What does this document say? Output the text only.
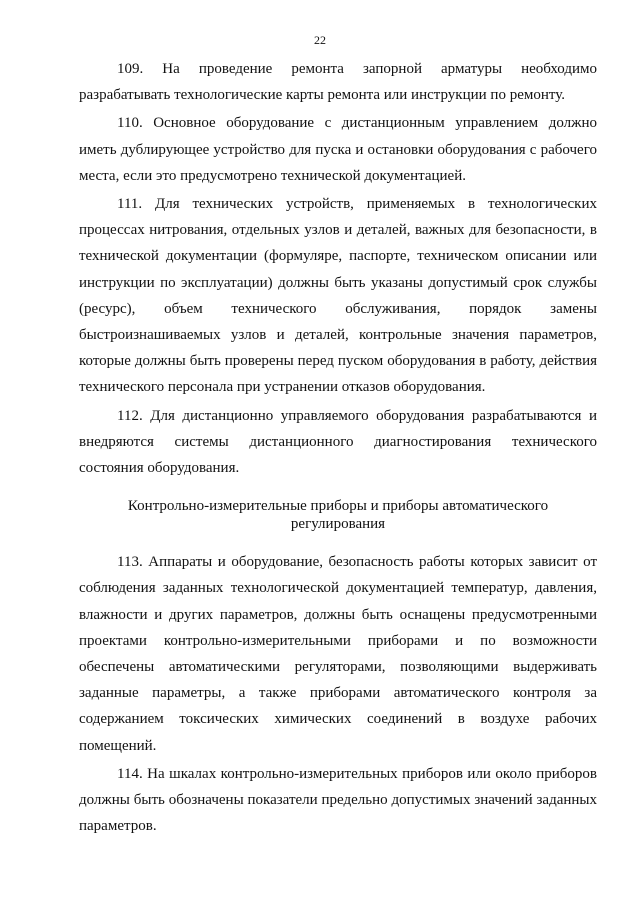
22

109. На проведение ремонта запорной арматуры необходимо разрабатывать технологические карты ремонта или инструкции по ремонту.

110. Основное оборудование с дистанционным управлением должно иметь дублирующее устройство для пуска и остановки оборудования с рабочего места, если это предусмотрено технической документацией.

111. Для технических устройств, применяемых в технологических процессах нитрования, отдельных узлов и деталей, важных для безопасности, в технической документации (формуляре, паспорте, техническом описании или инструкции по эксплуатации) должны быть указаны допустимый срок службы (ресурс), объем технического обслуживания, порядок замены быстроизнашиваемых узлов и деталей, контрольные значения параметров, которые должны быть проверены перед пуском оборудования в работу, действия технического персонала при устранении отказов оборудования.

112. Для дистанционно управляемого оборудования разрабатываются и внедряются системы дистанционного диагностирования технического состояния оборудования.

Контрольно-измерительные приборы и приборы автоматического регулирования

113. Аппараты и оборудование, безопасность работы которых зависит от соблюдения заданных технологической документацией температур, давления, влажности и других параметров, должны быть оснащены предусмотренными проектами контрольно-измерительными приборами и по возможности обеспечены автоматическими регуляторами, позволяющими выдерживать заданные параметры, а также приборами автоматического контроля за содержанием токсических химических соединений в воздухе рабочих помещений.

114. На шкалах контрольно-измерительных приборов или около приборов должны быть обозначены показатели предельно допустимых значений заданных параметров.
